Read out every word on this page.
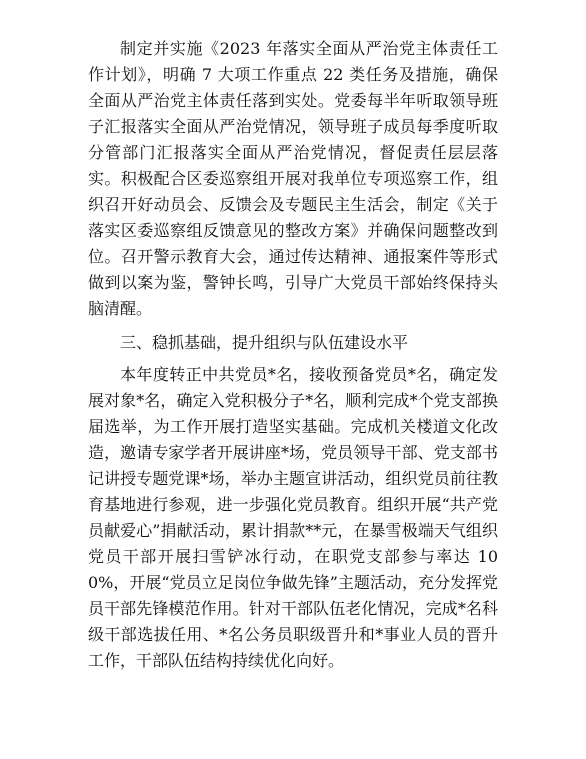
制定并实施《2023 年落实全面从严治党主体责任工作计划》，明确 7 大项工作重点 22 类任务及措施，确保全面从严治党主体责任落到实处。党委每半年听取领导班子汇报落实全面从严治党情况，领导班子成员每季度听取分管部门汇报落实全面从严治党情况，督促责任层层落实。积极配合区委巡察组开展对我单位专项巡察工作，组织召开好动员会、反馈会及专题民主生活会，制定《关于落实区委巡察组反馈意见的整改方案》并确保问题整改到位。召开警示教育大会，通过传达精神、通报案件等形式做到以案为鉴，警钟长鸣，引导广大党员干部始终保持头脑清醒。

三、稳抓基础，提升组织与队伍建设水平

本年度转正中共党员*名，接收预备党员*名，确定发展对象*名，确定入党积极分子*名，顺利完成*个党支部换届选举，为工作开展打造坚实基础。完成机关楼道文化改造，邀请专家学者开展讲座*场，党员领导干部、党支部书记讲授专题党课*场，举办主题宣讲活动，组织党员前往教育基地进行参观，进一步强化党员教育。组织开展“共产党员献爱心”捐献活动，累计捐款**元，在暴雪极端天气组织党员干部开展扫雪铲冰行动，在职党支部参与率达 100%，开展“党员立足岗位争做先锋”主题活动，充分发挥党员干部先锋模范作用。针对干部队伍老化情况，完成*名科级干部选拔任用、*名公务员职级晋升和*事业人员的晋升工作，干部队伍结构持续优化向好。
